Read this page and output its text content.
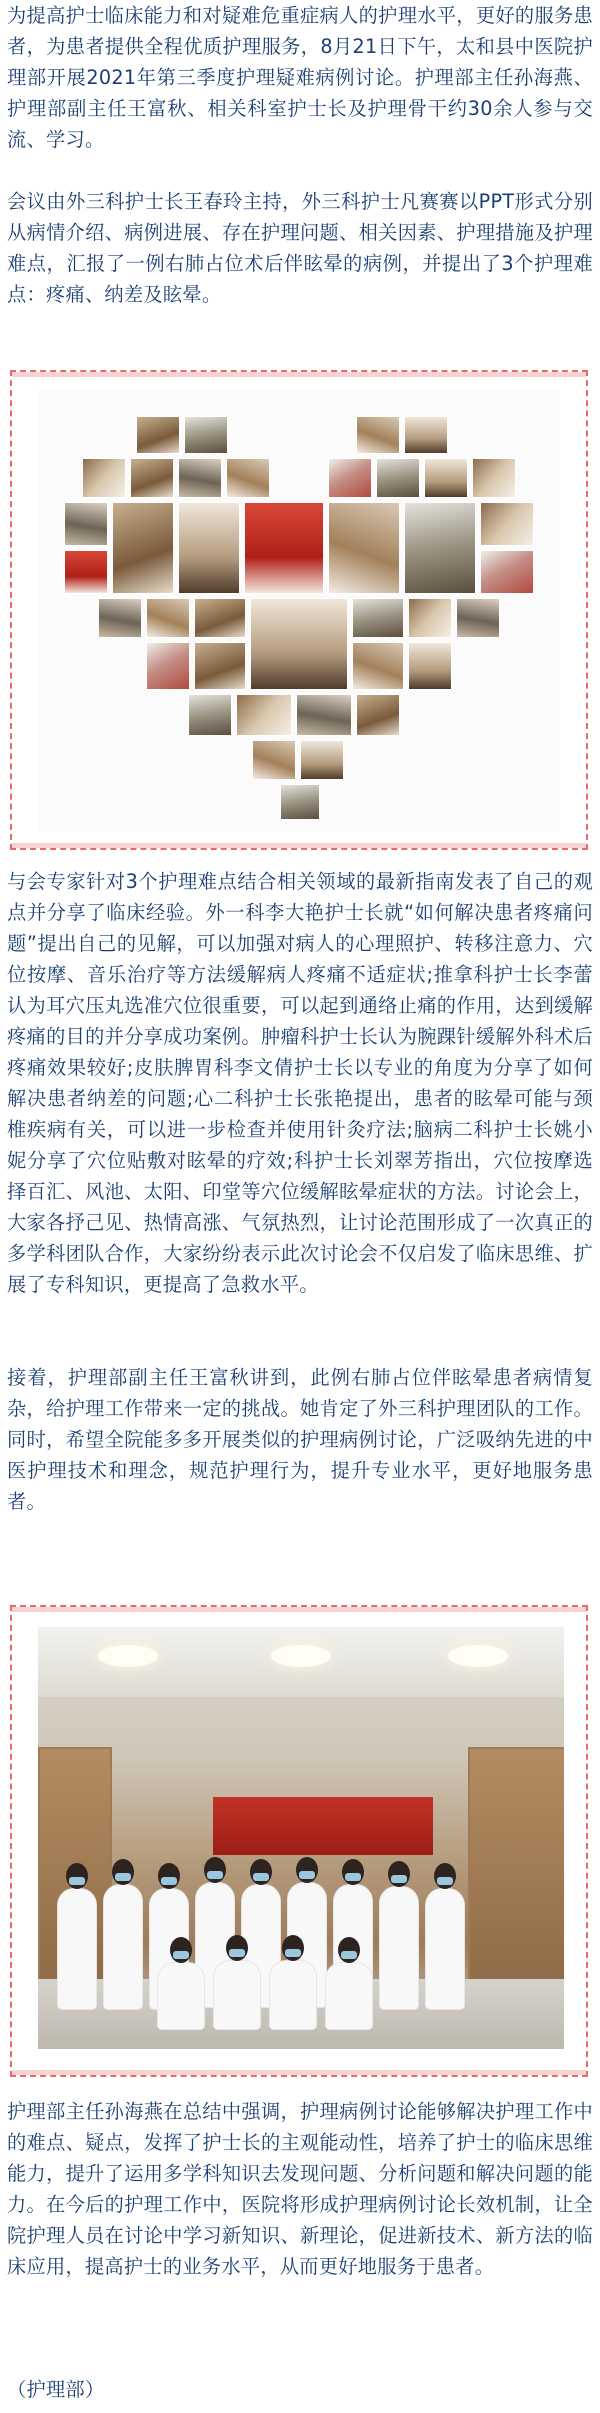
为提高护士临床能力和对疑难危重症病人的护理水平，更好的服务患者，为患者提供全程优质护理服务，8月21日下午，太和县中医院护理部开展2021年第三季度护理疑难病例讨论。护理部主任孙海燕、护理部副主任王富秋、相关科室护士长及护理骨干约30余人参与交流、学习。

会议由外三科护士长王春玲主持，外三科护士凡赛赛以PPT形式分别从病情介绍、病例进展、存在护理问题、相关因素、护理措施及护理难点，汇报了一例右肺占位术后伴眩晕的病例，并提出了3个护理难点：疼痛、纳差及眩晕。

与会专家针对3个护理难点结合相关领域的最新指南发表了自己的观点并分享了临床经验。外一科李大艳护士长就“如何解决患者疼痛问题”提出自己的见解，可以加强对病人的心理照护、转移注意力、穴位按摩、音乐治疗等方法缓解病人疼痛不适症状;推拿科护士长李蕾认为耳穴压丸选准穴位很重要，可以起到通络止痛的作用，达到缓解疼痛的目的并分享成功案例。肿瘤科护士长认为腕踝针缓解外科术后疼痛效果较好;皮肤脾胃科李文倩护士长以专业的角度为分享了如何解决患者纳差的问题;心二科护士长张艳提出，患者的眩晕可能与颈椎疾病有关，可以进一步检查并使用针灸疗法;脑病二科护士长姚小妮分享了穴位贴敷对眩晕的疗效;科护士长刘翠芳指出，穴位按摩选择百汇、风池、太阳、印堂等穴位缓解眩晕症状的方法。讨论会上，大家各抒己见、热情高涨、气氛热烈，让讨论范围形成了一次真正的多学科团队合作，大家纷纷表示此次讨论会不仅启发了临床思维、扩展了专科知识，更提高了急救水平。

接着，护理部副主任王富秋讲到，此例右肺占位伴眩晕患者病情复杂，给护理工作带来一定的挑战。她肯定了外三科护理团队的工作。同时，希望全院能多多开展类似的护理病例讨论，广泛吸纳先进的中医护理技术和理念，规范护理行为，提升专业水平，更好地服务患者。

护理部主任孙海燕在总结中强调，护理病例讨论能够解决护理工作中的难点、疑点，发挥了护士长的主观能动性，培养了护士的临床思维能力，提升了运用多学科知识去发现问题、分析问题和解决问题的能力。在今后的护理工作中，医院将形成护理病例讨论长效机制，让全院护理人员在讨论中学习新知识、新理论，促进新技术、新方法的临床应用，提高护士的业务水平，从而更好地服务于患者。

（护理部）
